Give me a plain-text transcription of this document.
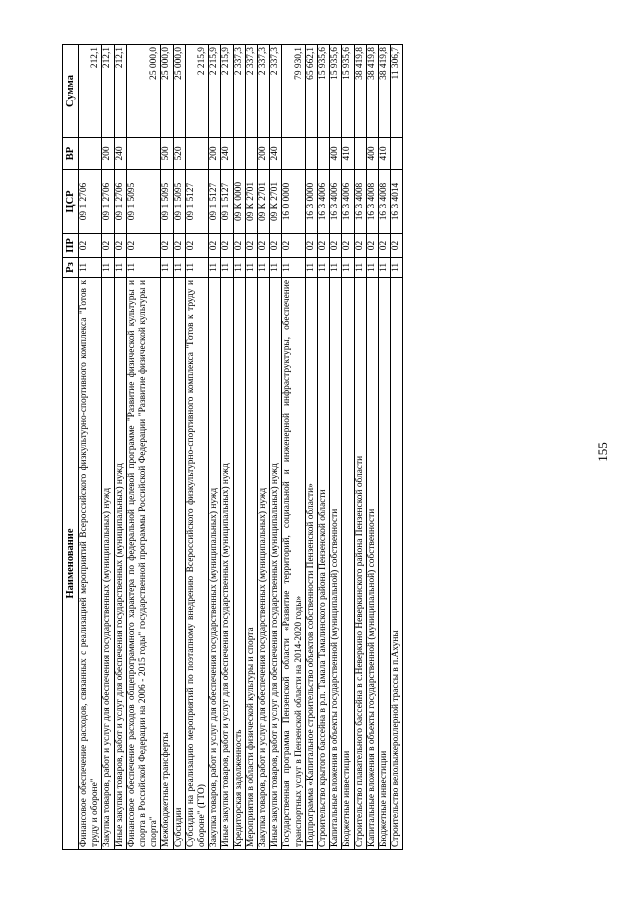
155
Наименование	Рз	ПР	ЦСР	ВР	Сумма
Финансовое обеспечение расходов, связанных с реализацией мероприятий Всероссийского физкультурно-спортивного комплекса "Готов к труду и обороне"	11	02	09 1 2706		212,1
Закупка товаров, работ и услуг для обеспечения государственных (муниципальных) нужд	11	02	09 1 2706	200	212,1
Иные закупки товаров, работ и услуг для обеспечения государственных (муниципальных) нужд	11	02	09 1 2706	240	212,1
Финансовое обеспечение расходов общепрограммного характера по федеральной целевой программе "Развитие физической культуры и спорта в Российской Федерации на 2006 - 2015 годы" государственной программы Российской Федерации "Развитие физической культуры и спорта"	11	02	09 1 5095		25 000,0
Межбюджетные трансферты	11	02	09 1 5095	500	25 000,0
Субсидии	11	02	09 1 5095	520	25 000,0
Субсидии на реализацию мероприятий по поэтапному внедрению Всероссийского физкультурно-спортивного комплекса "Готов к труду и обороне" (ГТО)	11	02	09 1 5127		2 215,9
Закупка товаров, работ и услуг для обеспечения государственных (муниципальных) нужд	11	02	09 1 5127	200	2 215,9
Иные закупки товаров, работ и услуг для обеспечения государственных (муниципальных) нужд	11	02	09 1 5127	240	2 215,9
Кредиторская задолженность	11	02	09 К 0000		2 337,3
Мероприятия в области физической культуры и спорта	11	02	09 К 2701		2 337,3
Закупка товаров, работ и услуг для обеспечения государственных (муниципальных) нужд	11	02	09 К 2701	200	2 337,3
Иные закупки товаров, работ и услуг для обеспечения государственных (муниципальных) нужд	11	02	09 К 2701	240	2 337,3
Государственная программа Пензенской области «Развитие территорий, социальной и инженерной инфраструктуры, обеспечение транспортных услуг в Пензенской области на 2014-2020 годы»	11	02	16 0 0000		79 930,1
Подпрограмма «Капитальное строительство объектов собственности Пензенской области»	11	02	16 3 0000		65 662,1
Строительство крытого бассейна в р.п. Тамала Тамалинского района Пензенской области	11	02	16 3 4006		15 935,6
Капитальные вложения в объекты государственной (муниципальной) собственности	11	02	16 3 4006	400	15 935,6
Бюджетные инвестиции	11	02	16 3 4006	410	15 935,6
Строительство плавательного бассейна в с.Неверкино Неверкинского района Пензенской области	11	02	16 3 4008		38 419,8
Капитальные вложения в объекты государственной (муниципальной) собственности	11	02	16 3 4008	400	38 419,8
Бюджетные инвестиции	11	02	16 3 4008	410	38 419,8
Строительство велолыжероллерной трассы в п.Ахуны	11	02	16 3 4014		11 306,7
